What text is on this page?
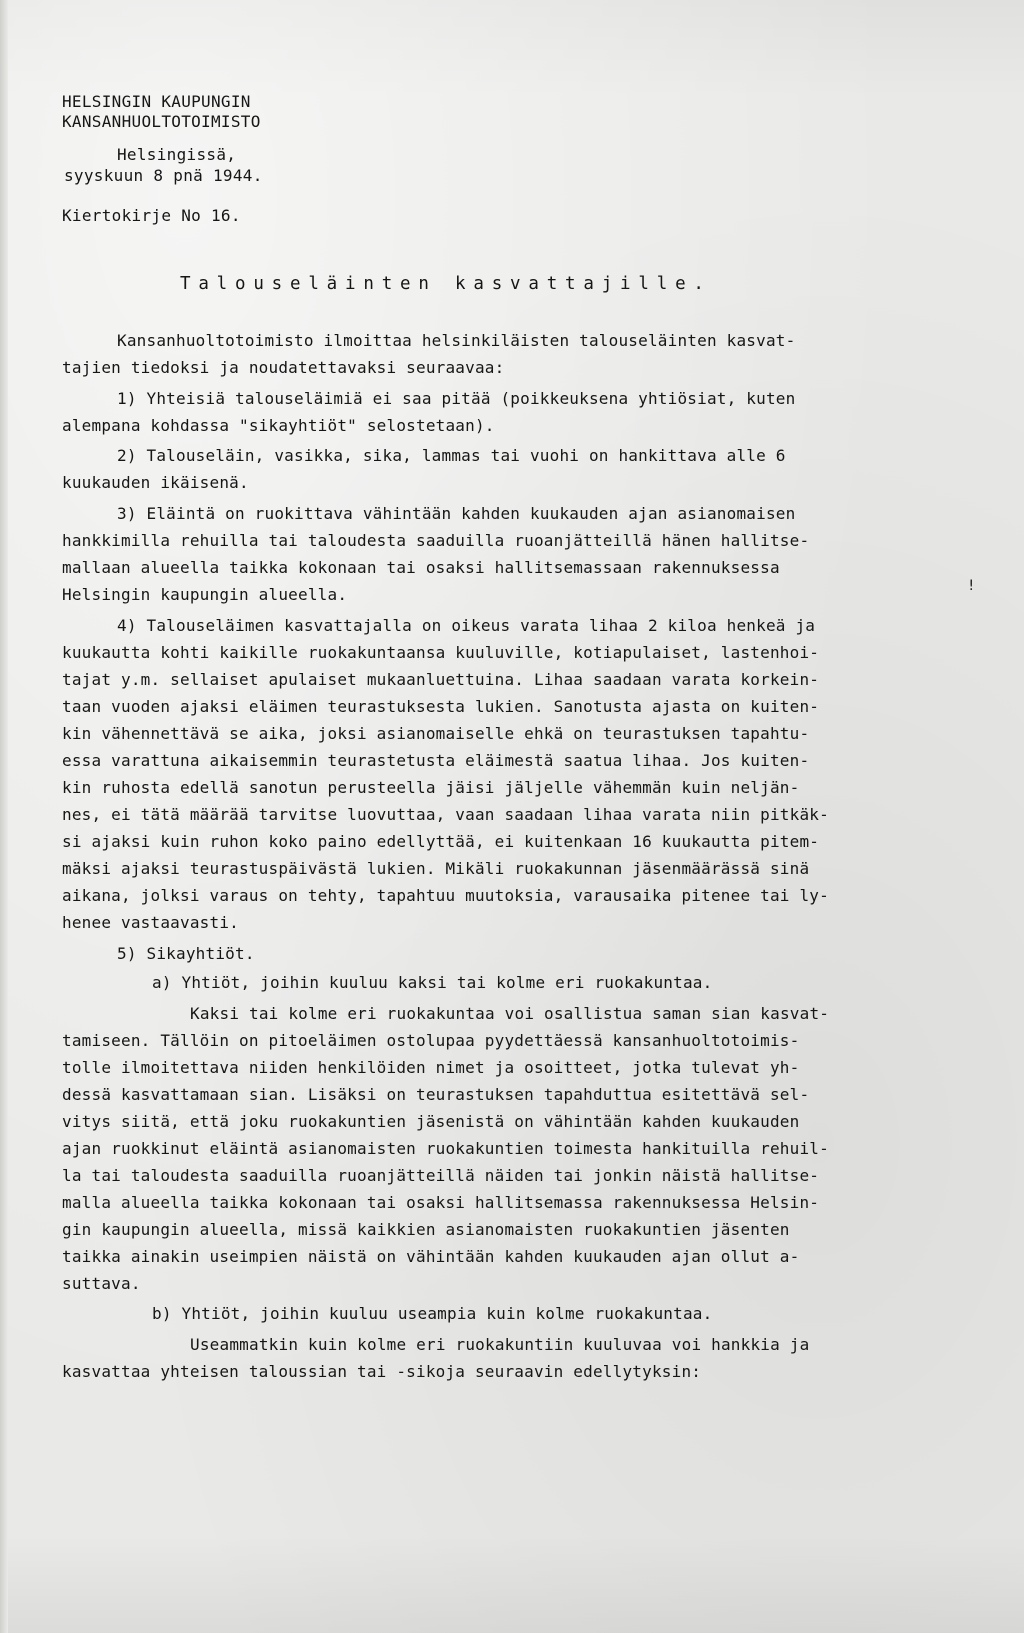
HELSINGIN KAUPUNGIN
KANSANHUOLTOTOIMISTO
Helsingissä,
syyskuun 8 pnä 1944.
Kiertokirje No 16.
Talouseläinten kasvattajille.
Kansanhuoltotoimisto ilmoittaa helsinkiläisten talouseläinten kasvat-
tajien tiedoksi ja noudatettavaksi seuraavaa:
1) Yhteisiä talouseläimiä ei saa pitää (poikkeuksena yhtiösiat, kuten
alempana kohdassa "sikayhtiöt" selostetaan).
2) Talouseläin, vasikka, sika, lammas tai vuohi on hankittava alle 6
kuukauden ikäisenä.
3) Eläintä on ruokittava vähintään kahden kuukauden ajan asianomaisen
hankkimilla rehuilla tai taloudesta saaduilla ruoanjätteillä hänen hallitse-
mallaan alueella taikka kokonaan tai osaksi hallitsemassaan rakennuksessa
!
Helsingin kaupungin alueella.
4) Talouseläimen kasvattajalla on oikeus varata lihaa 2 kiloa henkeä ja
kuukautta kohti kaikille ruokakuntaansa kuuluville, kotiapulaiset, lastenhoi-
tajat y.m. sellaiset apulaiset mukaanluettuina. Lihaa saadaan varata korkein-
taan vuoden ajaksi eläimen teurastuksesta lukien. Sanotusta ajasta on kuiten-
kin vähennettävä se aika, joksi asianomaiselle ehkä on teurastuksen tapahtu-
essa varattuna aikaisemmin teurastetusta eläimestä saatua lihaa. Jos kuiten-
kin ruhosta edellä sanotun perusteella jäisi jäljelle vähemmän kuin neljän-
nes, ei tätä määrää tarvitse luovuttaa, vaan saadaan lihaa varata niin pitkäk-
si ajaksi kuin ruhon koko paino edellyttää, ei kuitenkaan 16 kuukautta pitem-
mäksi ajaksi teurastuspäivästä lukien. Mikäli ruokakunnan jäsenmäärässä sinä
aikana, jolksi varaus on tehty, tapahtuu muutoksia, varausaika pitenee tai ly-
henee vastaavasti.
5) Sikayhtiöt.
a) Yhtiöt, joihin kuuluu kaksi tai kolme eri ruokakuntaa.
Kaksi tai kolme eri ruokakuntaa voi osallistua saman sian kasvat-
tamiseen. Tällöin on pitoeläimen ostolupaa pyydettäessä kansanhuoltotoimis-
tolle ilmoitettava niiden henkilöiden nimet ja osoitteet, jotka tulevat yh-
dessä kasvattamaan sian. Lisäksi on teurastuksen tapahduttua esitettävä sel-
vitys siitä, että joku ruokakuntien jäsenistä on vähintään kahden kuukauden
ajan ruokkinut eläintä asianomaisten ruokakuntien toimesta hankituilla rehuil-
la tai taloudesta saaduilla ruoanjätteillä näiden tai jonkin näistä hallitse-
malla alueella taikka kokonaan tai osaksi hallitsemassa rakennuksessa Helsin-
gin kaupungin alueella, missä kaikkien asianomaisten ruokakuntien jäsenten
taikka ainakin useimpien näistä on vähintään kahden kuukauden ajan ollut a-
suttava.
b) Yhtiöt, joihin kuuluu useampia kuin kolme ruokakuntaa.
Useammatkin kuin kolme eri ruokakuntiin kuuluvaa voi hankkia ja
kasvattaa yhteisen taloussian tai -sikoja seuraavin edellytyksin:
